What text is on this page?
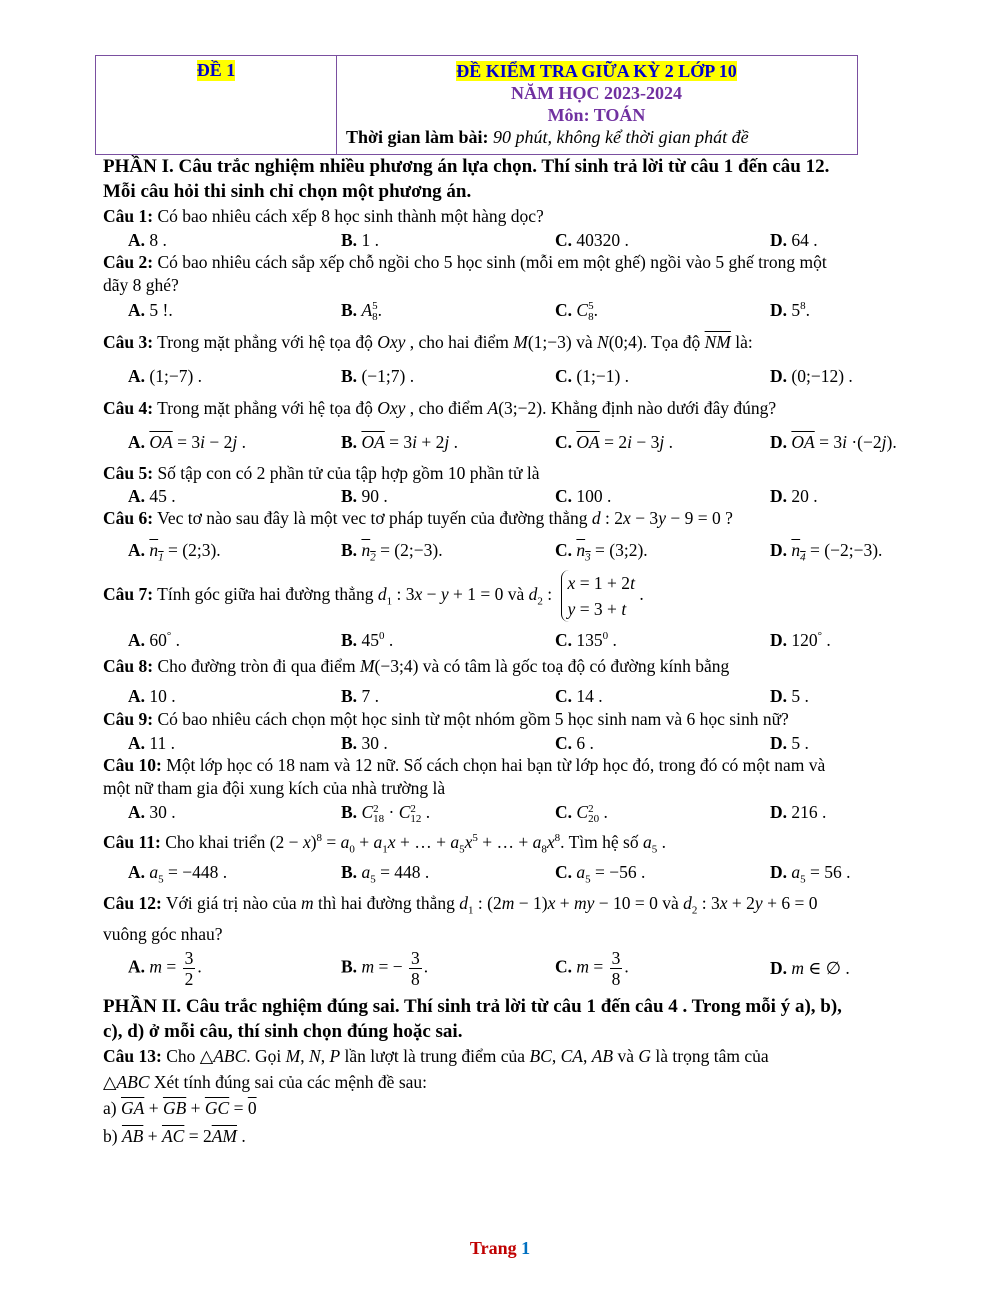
ĐỀ 1	ĐỀ KIỂM TRA GIỮA KỲ 2 LỚP 10
NĂM HỌC 2023-2024
Môn: TOÁN
Thời gian làm bài: 90 phút, không kể thời gian phát đề
PHẦN I. Câu trắc nghiệm nhiều phương án lựa chọn. Thí sinh trả lời từ câu 1 đến câu 12.
Mỗi câu hỏi thi sinh chỉ chọn một phương án.
Câu 1: Có bao nhiêu cách xếp 8 học sinh thành một hàng dọc?
A. 8 .	B. 1 .	C. 40320 .	D. 64 .
Câu 2: Có bao nhiêu cách sắp xếp chỗ ngồi cho 5 học sinh (mỗi em một ghế) ngồi vào 5 ghế trong một
dãy 8 ghé?
A. 5 !.	B. A 5
8 .	C. C 5
8 .	D. $5^8$.
Câu 3: Trong mặt phẳng với hệ tọa độ Oxy , cho hai điểm M(1;−3) và N(0;4). Tọa độ $\overline{NM}$ là:
A. (1;−7) .	B. (−1;7) .	C. (1;−1) .	D. (0;−12) .
Câu 4: Trong mặt phẳng với hệ tọa độ Oxy , cho điểm A(3;−2). Khẳng định nào dưới đây đúng?
A. $\overline{OA} = 3i - 2j$ .	B. $\overline{OA} = 3i + 2j$ .	C. $\overline{OA} = 2i - 3j$ .	D. $\overline{OA} = 3i \cdot(-2j)$.
Câu 5: Số tập con có 2 phần tử của tập hợp gồm 10 phần tử là
A. 45 .	B. 90 .	C. 100 .	D. 20 .
Câu 6: Vec tơ nào sau đây là một vec tơ pháp tuyến của đường thẳng d : 2x − 3y − 9 = 0 ?
A. $n_1$ = (2;3).	B. $n_2$ = (2;−3).	C. $n_3$ = (3;2).	D. $n_4$ = (−2;−3).
Câu 7: Tính góc giữa hai đường thẳng $d_1$ : 3x − y + 1 = 0 và $d_2$ : x = 1 + 2t
y = 3 + t .
A. 60° .	B. $45^0$ .	C. $135^0$ .	D. 120° .
Câu 8: Cho đường tròn đi qua điểm M(−3;4) và có tâm là gốc toạ độ có đường kính bằng
A. 10 .	B. 7 .	C. 14 .	D. 5 .
Câu 9: Có bao nhiêu cách chọn một học sinh từ một nhóm gồm 5 học sinh nam và 6 học sinh nữ?
A. 11 .	B. 30 .	C. 6 .	D. 5 .
Câu 10: Một lớp học có 18 nam và 12 nữ. Số cách chọn hai bạn từ lớp học đó, trong đó có một nam và
một nữ tham gia đội xung kích của nhà trường là
A. 30 .	B. C 2
18 · C 2
12 .	C. C 2
20 .	D. 216 .
Câu 11: Cho khai triển $(2 - x)^8 = a_0 + a_1x$ + … + $a_5x^5$ + … + $a_8x^8$. Tìm hệ số $a_5$ .
A. $a_5 = -448$ .	B. $a_5 = 448$ .	C. $a_5 = -56$ .	D. $a_5 = 56$ .
Câu 12: Với giá trị nào của m thì hai đường thẳng $d_1$ : (2m − 1)x + my − 10 = 0 và $d_2$ : 3x + 2y + 6 = 0
vuông góc nhau?
A. $m = \frac{3}{2}$ .	B. m = − $\frac{3}{8}$ .	C. $m = \frac{3}{8}$ .	D. m ∈ ∅ .
PHẦN II. Câu trắc nghiệm đúng sai. Thí sinh trả lời từ câu 1 đến câu 4 . Trong mỗi ý a), b),
c), d) ở mỗi câu, thí sinh chọn đúng hoặc sai.
Câu 13: Cho △ABC. Gọi M, N, P lần lượt là trung điểm của BC, CA, AB và G là trọng tâm của
△ABC Xét tính đúng sai của các mệnh đề sau:
a) $\overline{GA} + \overline{GB} + \overline{GC} = 0$
b) $\overline{AB} + \overline{AC} = 2\overline{AM}$ .
Trang 1
